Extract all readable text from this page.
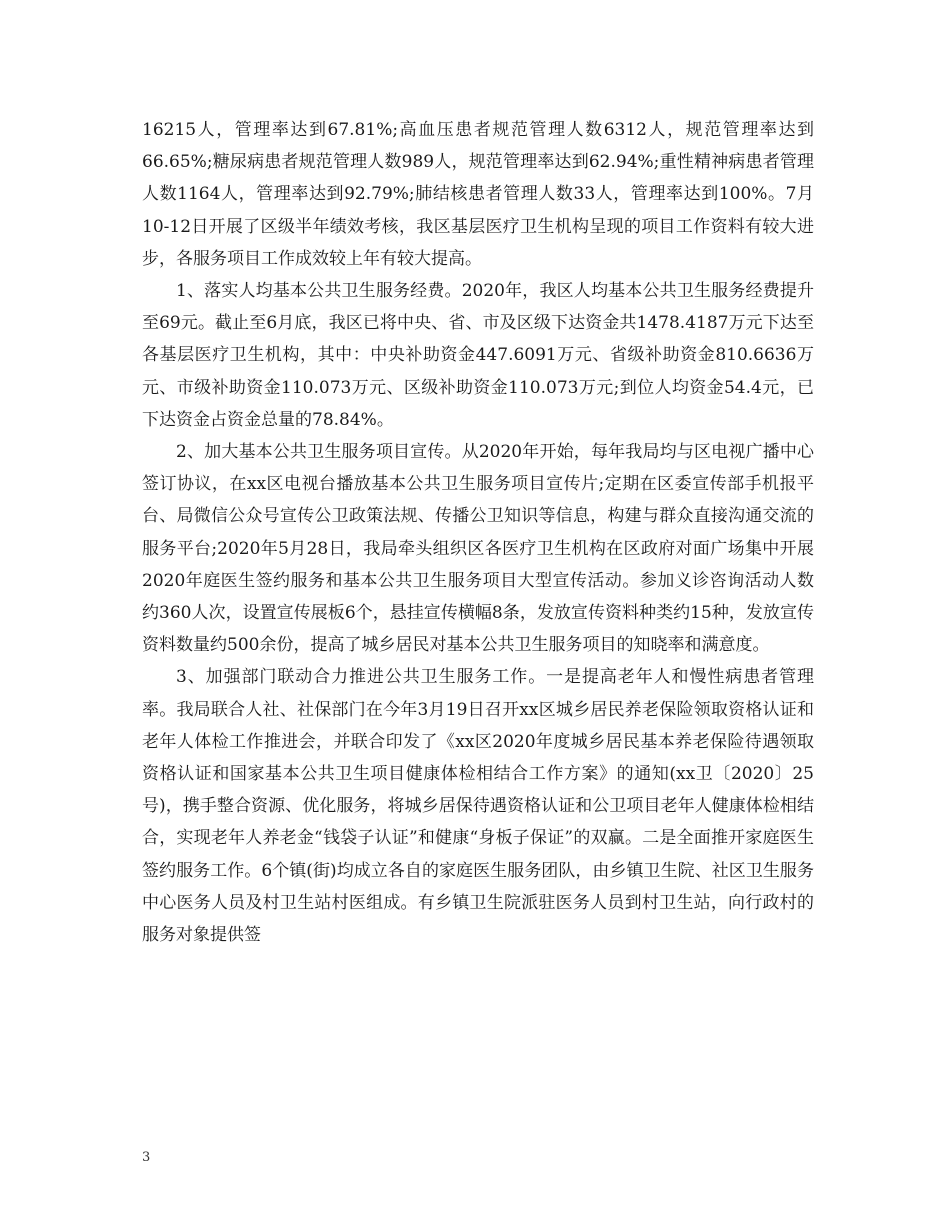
16215人，管理率达到67.81%;高血压患者规范管理人数6312人，规范管理率达到66.65%;糖尿病患者规范管理人数989人，规范管理率达到62.94%;重性精神病患者管理人数1164人，管理率达到92.79%;肺结核患者管理人数33人，管理率达到100%。7月10-12日开展了区级半年绩效考核，我区基层医疗卫生机构呈现的项目工作资料有较大进步，各服务项目工作成效较上年有较大提高。

1、落实人均基本公共卫生服务经费。2020年，我区人均基本公共卫生服务经费提升至69元。截止至6月底，我区已将中央、省、市及区级下达资金共1478.4187万元下达至各基层医疗卫生机构，其中：中央补助资金447.6091万元、省级补助资金810.6636万元、市级补助资金110.073万元、区级补助资金110.073万元;到位人均资金54.4元，已下达资金占资金总量的78.84%。

2、加大基本公共卫生服务项目宣传。从2020年开始，每年我局均与区电视广播中心签订协议，在xx区电视台播放基本公共卫生服务项目宣传片;定期在区委宣传部手机报平台、局微信公众号宣传公卫政策法规、传播公卫知识等信息，构建与群众直接沟通交流的服务平台;2020年5月28日，我局牵头组织区各医疗卫生机构在区政府对面广场集中开展2020年庭医生签约服务和基本公共卫生服务项目大型宣传活动。参加义诊咨询活动人数约360人次，设置宣传展板6个，悬挂宣传横幅8条，发放宣传资料种类约15种，发放宣传资料数量约500余份，提高了城乡居民对基本公共卫生服务项目的知晓率和满意度。

3、加强部门联动合力推进公共卫生服务工作。一是提高老年人和慢性病患者管理率。我局联合人社、社保部门在今年3月19日召开xx区城乡居民养老保险领取资格认证和老年人体检工作推进会，并联合印发了《xx区2020年度城乡居民基本养老保险待遇领取资格认证和国家基本公共卫生项目健康体检相结合工作方案》的通知(xx卫〔2020〕25号)，携手整合资源、优化服务，将城乡居保待遇资格认证和公卫项目老年人健康体检相结合，实现老年人养老金“钱袋子认证”和健康“身板子保证”的双赢。二是全面推开家庭医生签约服务工作。6个镇(街)均成立各自的家庭医生服务团队，由乡镇卫生院、社区卫生服务中心医务人员及村卫生站村医组成。有乡镇卫生院派驻医务人员到村卫生站，向行政村的服务对象提供签

3
